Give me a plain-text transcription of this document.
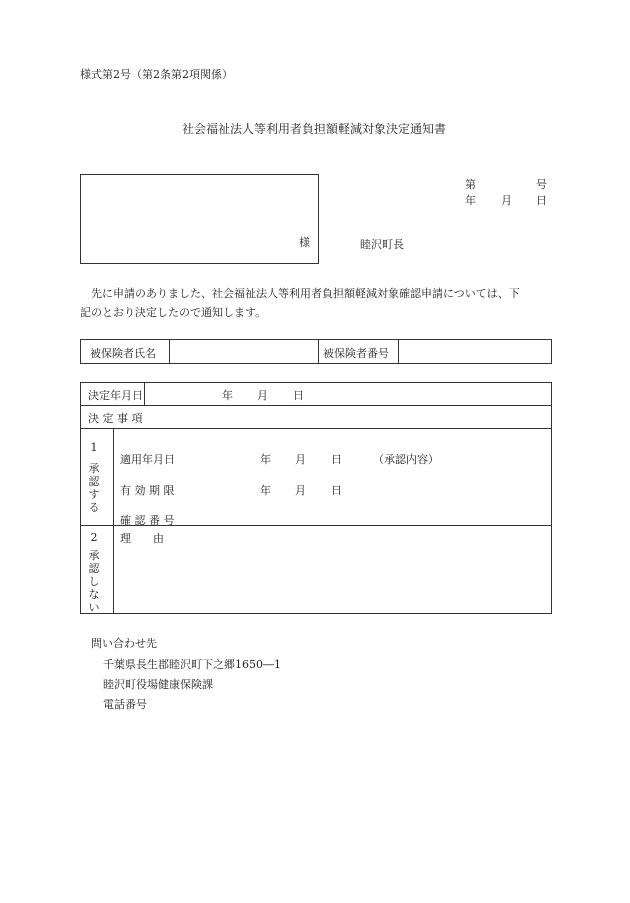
様式第2号（第2条第2項関係）
社会福祉法人等利用者負担額軽減対象決定通知書
様	睦沢町長
第	号
年 月 日
先に申請のありました、社会福祉法人等利用者負担額軽減対象確認申請については、下
記のとおり決定したので通知します。
被保険者氏名	被保険者番号
決定年月日	年 月 日
決 定 事 項
1
承
認
す
る
適用年月日	年 月 日	（承認内容）
有 効 期 限	年 月 日
確 認 番 号
2
承
認
し
な
い
理　　由
問い合わせ先
千葉県長生郡睦沢町下之郷1650―1
睦沢町役場健康保険課
電話番号
